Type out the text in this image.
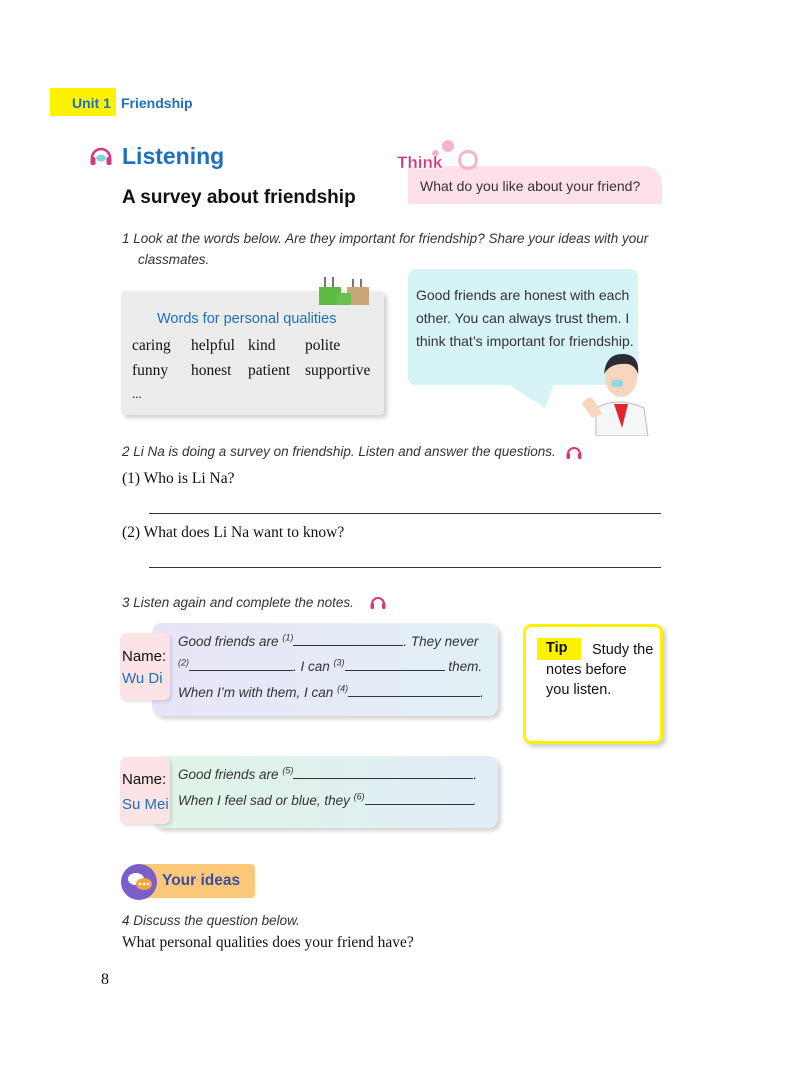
Unit 1 Friendship
Listening
A survey about friendship
Think
What do you like about your friend?
1 Look at the words below. Are they important for friendship? Share your ideas with your
classmates.
Words for personal qualities
caring helpful kind polite
funny honest patient supportive
...
Good friends are honest with each other. You can always trust them. I think that’s important for friendship.
2 Li Na is doing a survey on friendship. Listen and answer the questions.
(1) Who is Li Na?
(2) What does Li Na want to know?
3 Listen again and complete the notes.
Name:
Wu Di
Good friends are $^{(1)}$	. They never
$^{(2)}$	. I can $^{(3)}$	them.
When I’m with them, I can $^{(4)}$	.
Tip	Study the notes before you listen.
Name:
Su Mei
Good friends are $^{(5)}$	.
When I feel sad or blue, they $^{(6)}$	.
Your ideas
4 Discuss the question below.
What personal qualities does your friend have?
8
